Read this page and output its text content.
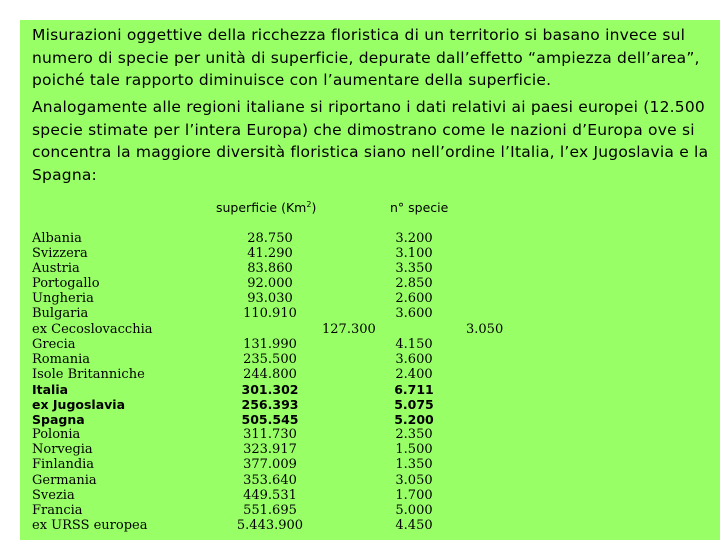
Misurazioni oggettive della ricchezza floristica di un territorio si basano invece sul numero di specie per unità di superficie, depurate dall’effetto “ampiezza dell’area”, poiché tale rapporto diminuisce con l’aumentare della superficie.
Analogamente alle regioni italiane si riportano i dati relativi ai paesi europei (12.500 specie stimate per l’intera Europa) che dimostrano come le nazioni d’Europa ove si concentra la maggiore diversità floristica siano nell’ordine l’Italia, l’ex Jugoslavia e la Spagna:
superficie (Km$^2$)	n° specie
Albania
Svizzera
Austria
Portogallo
Ungheria
Bulgaria
ex Cecoslovacchia
Grecia
Romania
Isole Britanniche
Italia
ex Jugoslavia
Spagna
Polonia
Norvegia
Finlandia
Germania
Svezia
Francia
ex URSS europea
28.750
41.290
83.860
92.000
93.030
110.910
131.990
235.500
244.800
301.302
256.393
505.545
311.730
323.917
377.009
353.640
449.531
551.695
5.443.900
3.200
3.100
3.350
2.850
2.600
3.600
4.150
3.600
2.400
6.711
5.075
5.200
2.350
1.500
1.350
3.050
1.700
5.000
4.450
127.300	3.050
